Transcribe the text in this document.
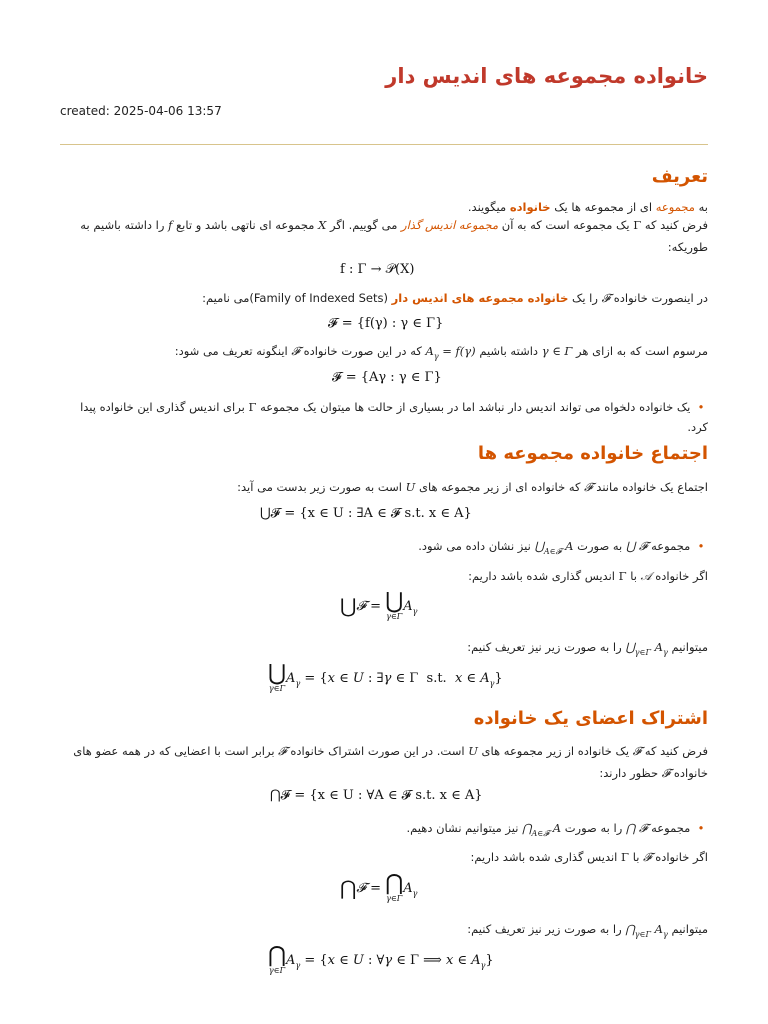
خانواده مجموعه های اندیس دار
created: 2025-04-06 13:57
تعریف
به مجموعه ای از مجموعه ها یک خانواده میگویند.
فرض کنید که Γ یک مجموعه است که به آن مجموعه اندیس گذار می گوییم. اگر X مجموعه ای ناتهی باشد و تابع f را داشته باشیم به طوریکه:
f : Γ → 𝒫(X)
در اینصورت خانواده 𝓕 را یک خانواده مجموعه های اندیس دار (Family of Indexed Sets)می نامیم:
𝓕 = {f(γ) : γ ∈ Γ}
مرسوم است که به ازای هر γ ∈ Γ داشته باشیم $A_\gamma = f(\gamma)$ که در این صورت خانواده 𝓕 اینگونه تعریف می شود:
𝓕 = {Aγ : γ ∈ Γ}
• یک خانواده دلخواه می تواند اندیس دار نباشد اما در بسیاری از حالت ها میتوان یک مجموعه Γ برای اندیس گذاری این خانواده پیدا کرد.
اجتماع خانواده مجموعه ها
اجتماع یک خانواده مانند 𝓕 که خانواده ای از زیر مجموعه های U است به صورت زیر بدست می آید:
⋃𝓕 = {x ∈ U : ∃A ∈ 𝓕 s.t. x ∈ A}
• مجموعه ⋃ 𝓕 به صورت $⋃_{A\in 𝓕}$ A نیز نشان داده می شود.
اگر خانواده 𝒜 با Γ اندیس گذاری شده باشد داریم:
⋃𝓕 = ⋃
γ∈Γ
$A_\gamma$
میتوانیم $⋃_{\gamma\in\Gamma}$ $A_\gamma$ را به صورت زیر نیز تعریف کنیم:
⋃
γ∈Γ
$A_\gamma = \{x$ ∈ U : ∃γ ∈ Γ  s.t.  x ∈ $A_\gamma$}
اشتراک اعضای یک خانواده
فرض کنید که 𝓕 یک خانواده از زیر مجموعه های U است. در این صورت اشتراک خانواده 𝓕 برابر است با اعضایی که در همه عضو های خانواده 𝓕 حظور دارند:
⋂𝓕 = {x ∈ U : ∀A ∈ 𝓕 s.t. x ∈ A}
• مجموعه ⋂ 𝓕 را به صورت $⋂_{A\in 𝓕}$ A نیز میتوانیم نشان دهیم.
اگر خانواده 𝓕 با Γ اندیس گذاری شده باشد داریم:
⋂𝓕 = ⋂
γ∈Γ
$A_\gamma$
میتوانیم $⋂_{\gamma\in\Gamma}$ $A_\gamma$ را به صورت زیر نیز تعریف کنیم:
⋂
γ∈Γ
$A_\gamma = \{x$ ∈ U : ∀γ ∈ Γ ⟹ x ∈ $A_\gamma$}
